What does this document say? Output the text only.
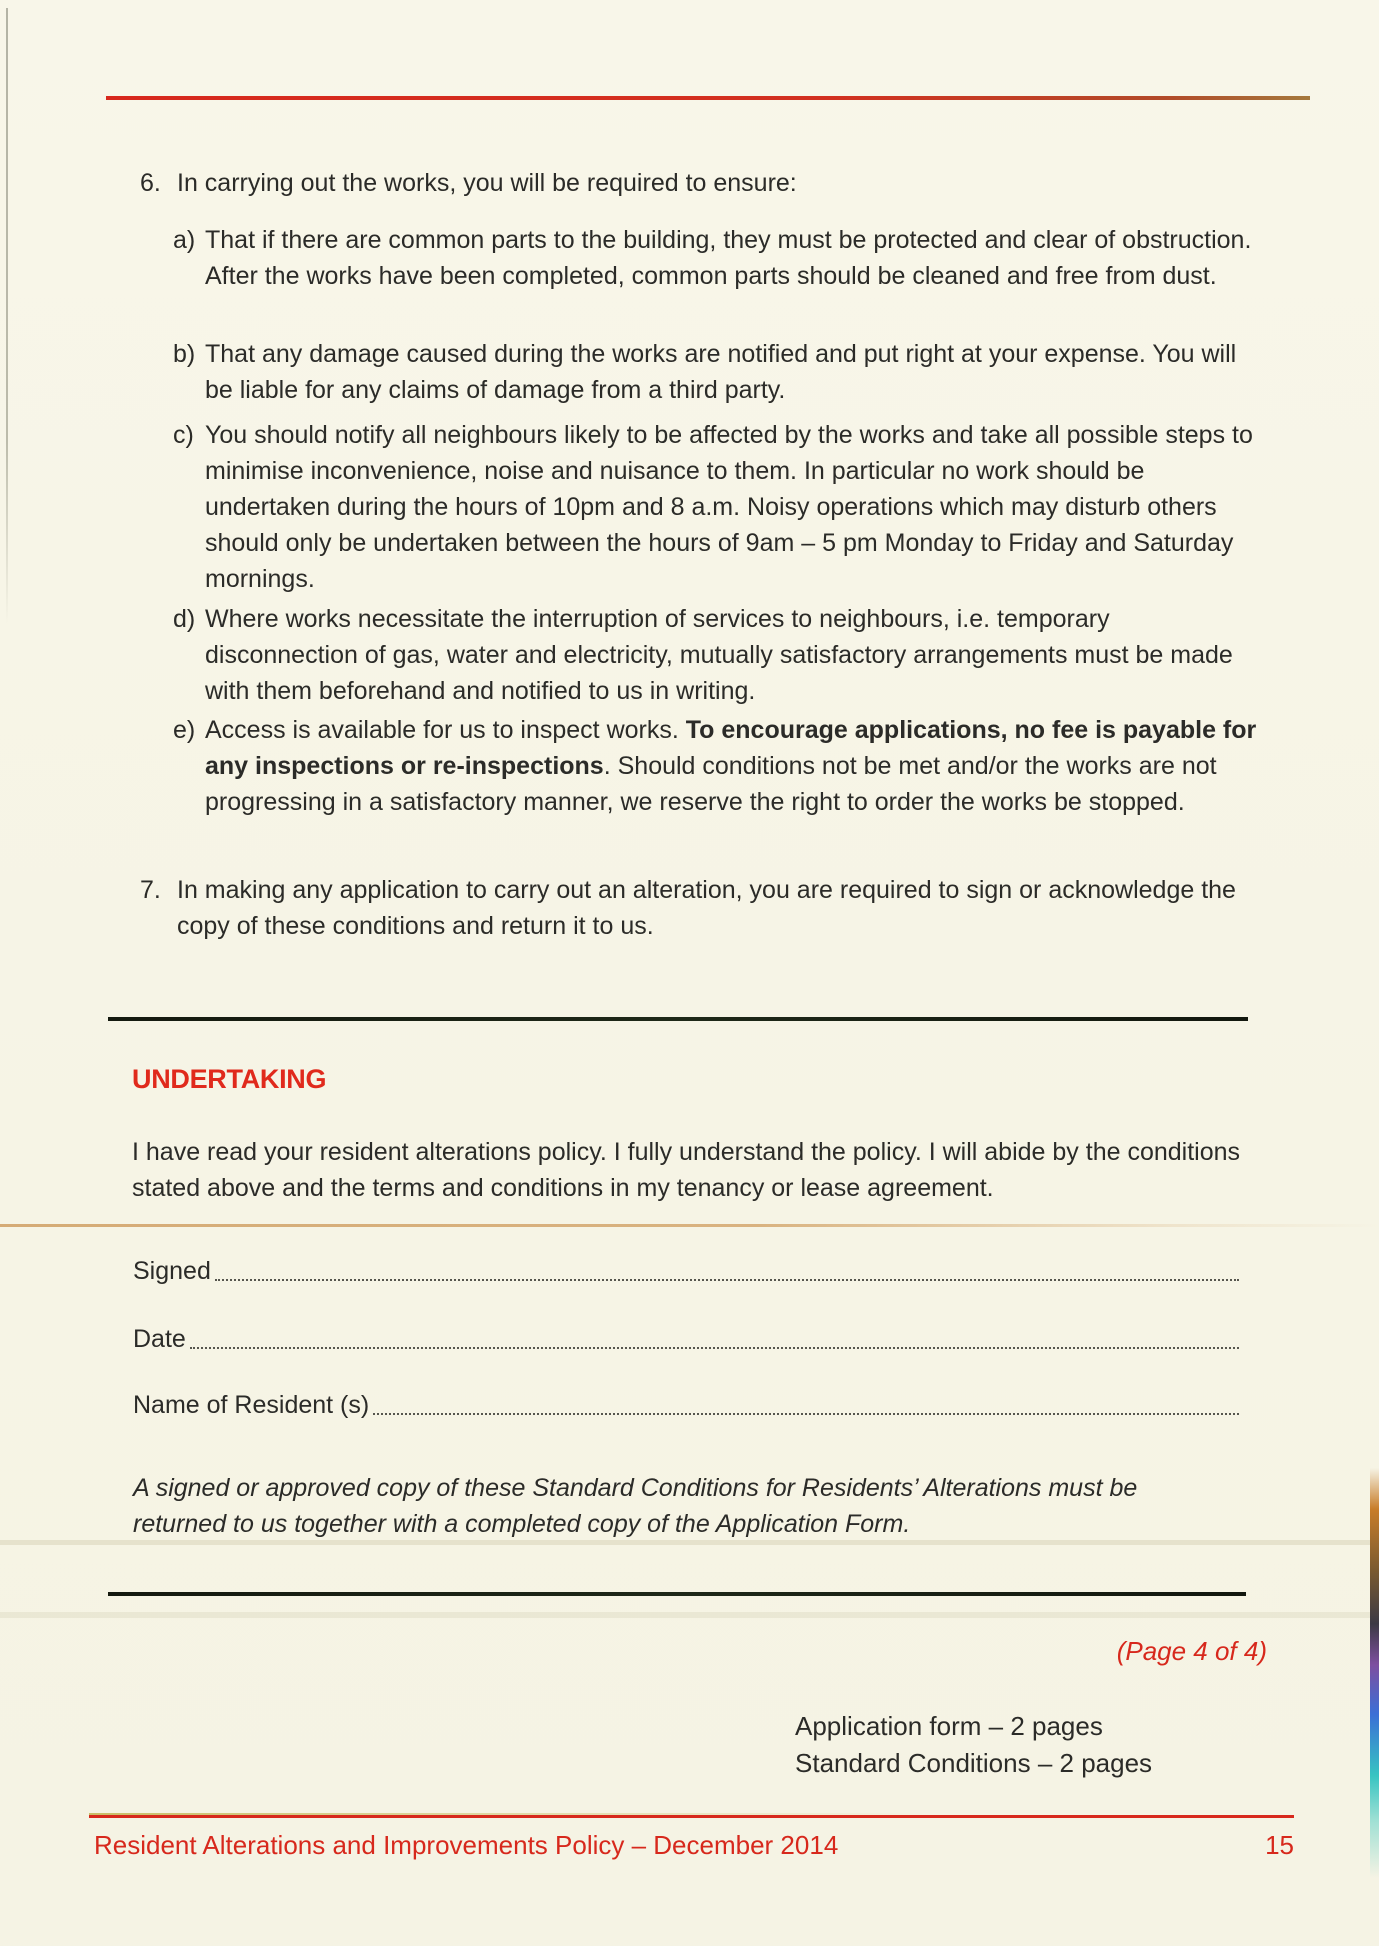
6. In carrying out the works, you will be required to ensure:
a) That if there are common parts to the building, they must be protected and clear of obstruction. After the works have been completed, common parts should be cleaned and free from dust.
b) That any damage caused during the works are notified and put right at your expense. You will be liable for any claims of damage from a third party.
c) You should notify all neighbours likely to be affected by the works and take all possible steps to minimise inconvenience, noise and nuisance to them. In particular no work should be undertaken during the hours of 10pm and 8 a.m. Noisy operations which may disturb others should only be undertaken between the hours of 9am – 5 pm Monday to Friday and Saturday mornings.
d) Where works necessitate the interruption of services to neighbours, i.e. temporary disconnection of gas, water and electricity, mutually satisfactory arrangements must be made with them beforehand and notified to us in writing.
e) Access is available for us to inspect works. To encourage applications, no fee is payable for any inspections or re-inspections. Should conditions not be met and/or the works are not progressing in a satisfactory manner, we reserve the right to order the works be stopped.
7. In making any application to carry out an alteration, you are required to sign or acknowledge the copy of these conditions and return it to us.
UNDERTAKING
I have read your resident alterations policy. I fully understand the policy. I will abide by the conditions stated above and the terms and conditions in my tenancy or lease agreement.
Signed
Date
Name of Resident (s)
A signed or approved copy of these Standard Conditions for Residents’ Alterations must be returned to us together with a completed copy of the Application Form.
(Page 4 of 4)
Application form – 2 pages
Standard Conditions – 2 pages
Resident Alterations and Improvements Policy – December 2014	15
